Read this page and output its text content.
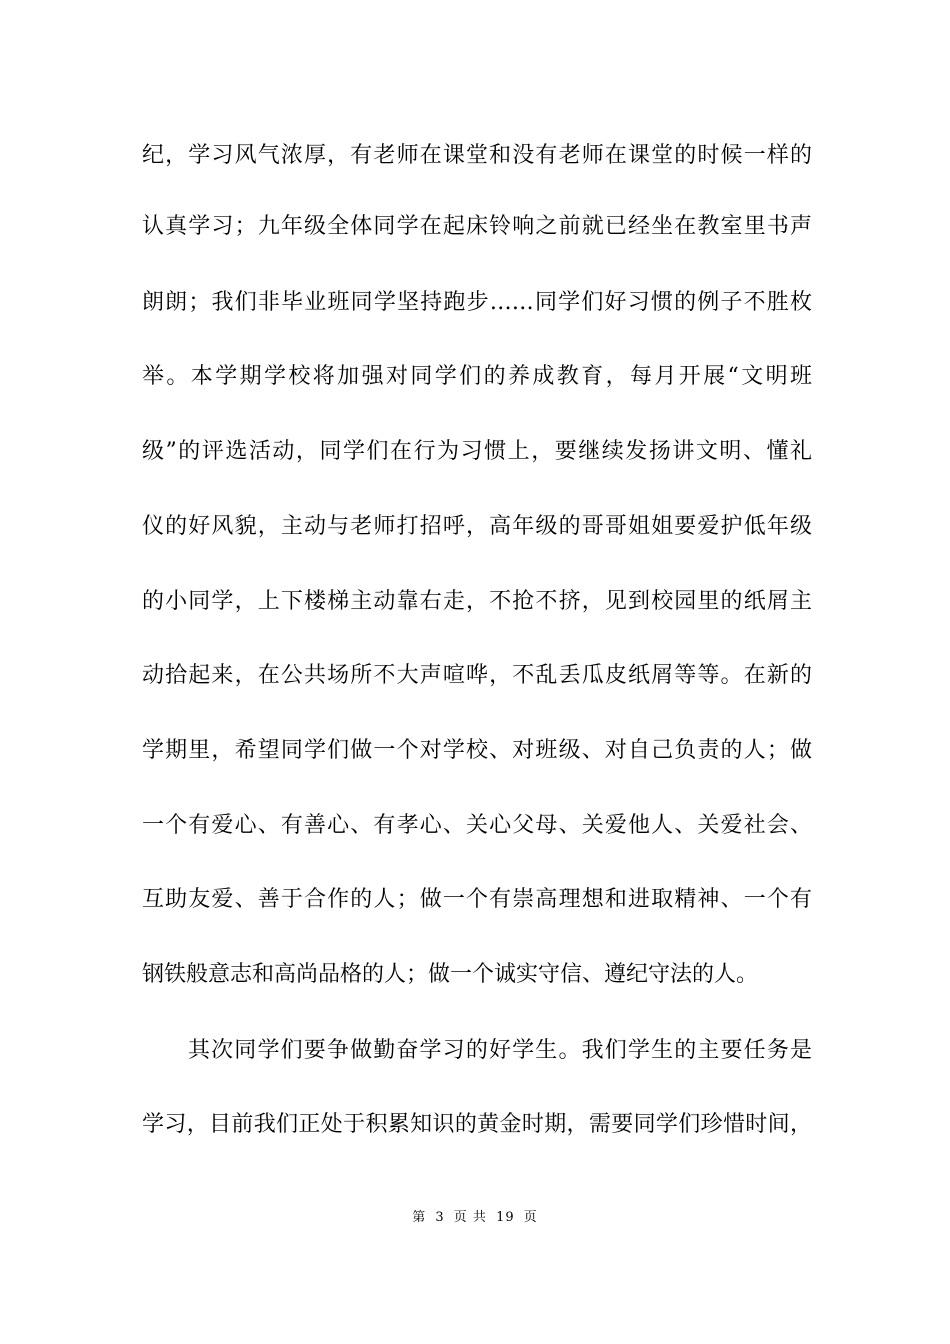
纪，学习风气浓厚，有老师在课堂和没有老师在课堂的时候一样的
认真学习；九年级全体同学在起床铃响之前就已经坐在教室里书声
朗朗；我们非毕业班同学坚持跑步……同学们好习惯的例子不胜枚
举。本学期学校将加强对同学们的养成教育，每月开展“文明班
级”的评选活动，同学们在行为习惯上，要继续发扬讲文明、懂礼
仪的好风貌，主动与老师打招呼，高年级的哥哥姐姐要爱护低年级
的小同学，上下楼梯主动靠右走，不抢不挤，见到校园里的纸屑主
动拾起来，在公共场所不大声喧哗，不乱丢瓜皮纸屑等等。在新的
学期里，希望同学们做一个对学校、对班级、对自己负责的人；做
一个有爱心、有善心、有孝心、关心父母、关爱他人、关爱社会、
互助友爱、善于合作的人；做一个有崇高理想和进取精神、一个有
钢铁般意志和高尚品格的人；做一个诚实守信、遵纪守法的人。
其次同学们要争做勤奋学习的好学生。我们学生的主要任务是
学习，目前我们正处于积累知识的黄金时期，需要同学们珍惜时间，
第 3 页 共 19 页
